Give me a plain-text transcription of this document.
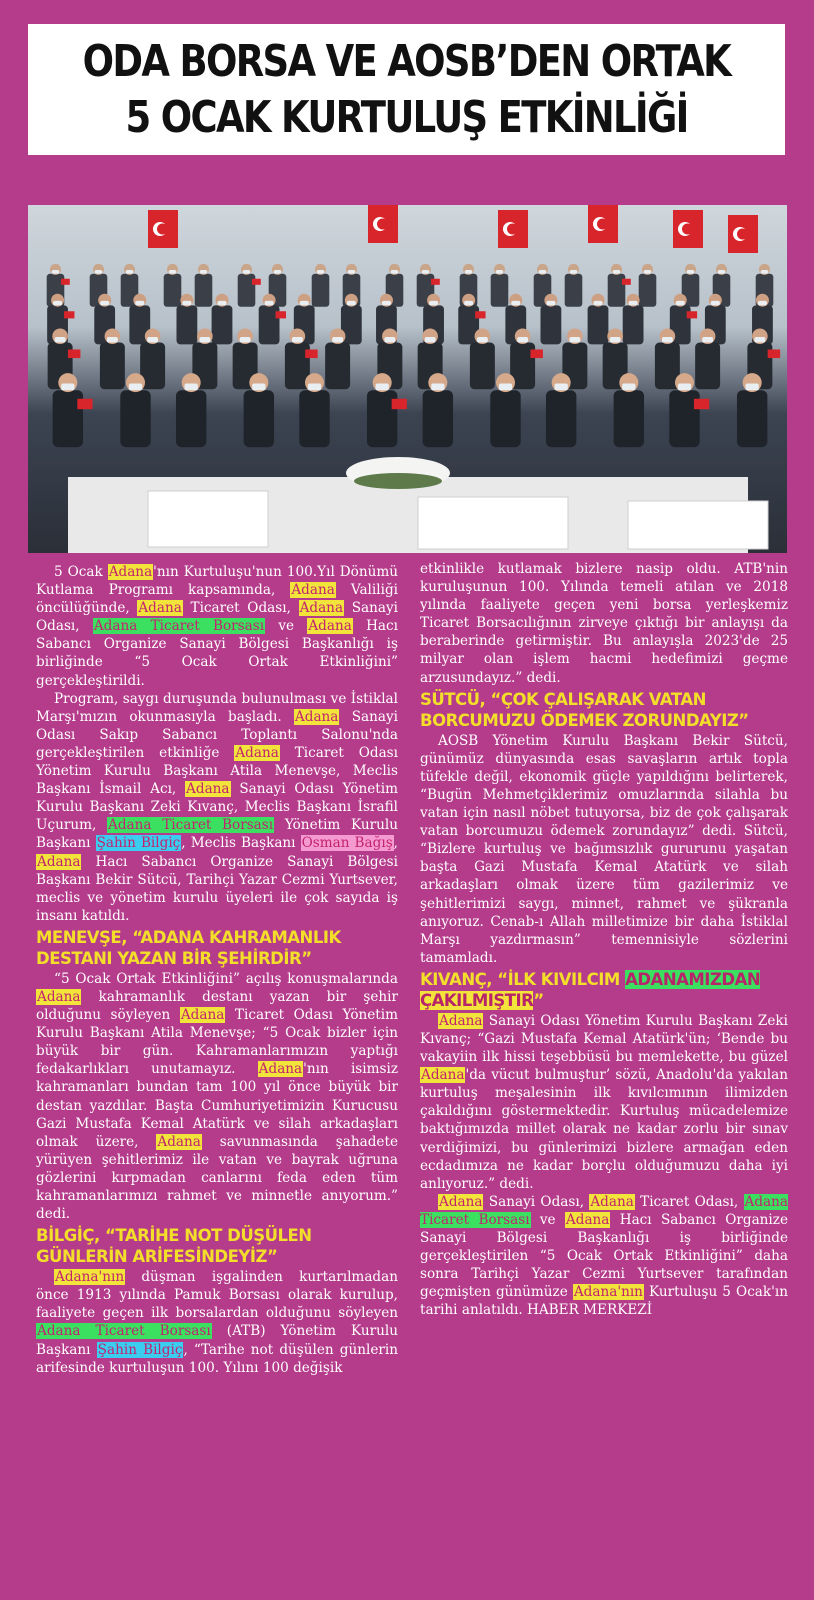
ODA BORSA VE AOSB’DEN ORTAK
5 OCAK KURTULUŞ ETKİNLİĞİ

5 Ocak Adana'nın Kurtuluşu'nun 100.Yıl Dönümü Kutlama Programı kapsamında, Adana Valiliği öncülüğünde, Adana Ticaret Odası, Adana Sanayi Odası, Adana Ticaret Borsası ve Adana Hacı Sabancı Organize Sanayi Bölgesi Başkanlığı iş birliğinde “5 Ocak Ortak Etkinliğini” gerçekleştirildi.

Program, saygı duruşunda bulunulması ve İstiklal Marşı'mızın okunmasıyla başladı. Adana Sanayi Odası Sakıp Sabancı Toplantı Salonu'nda gerçekleştirilen etkinliğe Adana Ticaret Odası Yönetim Kurulu Başkanı Atila Menevşe, Meclis Başkanı İsmail Acı, Adana Sanayi Odası Yönetim Kurulu Başkanı Zeki Kıvanç, Meclis Başkanı İsrafil Uçurum, Adana Ticaret Borsası Yönetim Kurulu Başkanı Şahin Bilgiç, Meclis Başkanı Osman Bağış, Adana Hacı Sabancı Organize Sanayi Bölgesi Başkanı Bekir Sütcü, Tarihçi Yazar Cezmi Yurtsever, meclis ve yönetim kurulu üyeleri ile çok sayıda iş insanı katıldı.

MENEVŞE, “ADANA KAHRAMANLIK DESTANI YAZAN BİR ŞEHİRDİR”

“5 Ocak Ortak Etkinliğini” açılış konuşmalarında Adana kahramanlık destanı yazan bir şehir olduğunu söyleyen Adana Ticaret Odası Yönetim Kurulu Başkanı Atila Menevşe; “5 Ocak bizler için büyük bir gün. Kahramanlarımızın yaptığı fedakarlıkları unutamayız. Adana'nın isimsiz kahramanları bundan tam 100 yıl önce büyük bir destan yazdılar. Başta Cumhuriyetimizin Kurucusu Gazi Mustafa Kemal Atatürk ve silah arkadaşları olmak üzere, Adana savunmasında şahadete yürüyen şehitlerimiz ile vatan ve bayrak uğruna gözlerini kırpmadan canlarını feda eden tüm kahramanlarımızı rahmet ve minnetle anıyorum.” dedi.

BİLGİÇ, “TARİHE NOT DÜŞÜLEN GÜNLERİN ARİFESİNDEYİZ”

Adana'nın düşman işgalinden kurtarılmadan önce 1913 yılında Pamuk Borsası olarak kurulup, faaliyete geçen ilk borsalardan olduğunu söyleyen Adana Ticaret Borsası (ATB) Yönetim Kurulu Başkanı Şahin Bilgiç, “Tarihe not düşülen günlerin arifesinde kurtuluşun 100. Yılını 100 değişik

etkinlikle kutlamak bizlere nasip oldu. ATB'nin kuruluşunun 100. Yılında temeli atılan ve 2018 yılında faaliyete geçen yeni borsa yerleşkemiz Ticaret Borsacılığının zirveye çıktığı bir anlayışı da beraberinde getirmiştir. Bu anlayışla 2023'de 25 milyar olan işlem hacmi hedefimizi geçme arzusundayız.” dedi.

SÜTCÜ, “ÇOK ÇALIŞARAK VATAN BORCUMUZU ÖDEMEK ZORUNDAYIZ”

AOSB Yönetim Kurulu Başkanı Bekir Sütcü, günümüz dünyasında esas savaşların artık topla tüfekle değil, ekonomik güçle yapıldığını belirterek, “Bugün Mehmetçiklerimiz omuzlarında silahla bu vatan için nasıl nöbet tutuyorsa, biz de çok çalışarak vatan borcumuzu ödemek zorundayız” dedi. Sütcü, “Bizlere kurtuluş ve bağımsızlık gururunu yaşatan başta Gazi Mustafa Kemal Atatürk ve silah arkadaşları olmak üzere tüm gazilerimiz ve şehitlerimizi saygı, minnet, rahmet ve şükranla anıyoruz. Cenab-ı Allah milletimize bir daha İstiklal Marşı yazdırmasın” temennisiyle sözlerini tamamladı.

KIVANÇ, “İLK KIVILCIM ADANAMIZDAN ÇAKILMIŞTIR”

Adana Sanayi Odası Yönetim Kurulu Başkanı Zeki Kıvanç; “Gazi Mustafa Kemal Atatürk'ün; ‘Bende bu vakayiin ilk hissi teşebbüsü bu memlekette, bu güzel Adana'da vücut bulmuştur’ sözü, Anadolu'da yakılan kurtuluş meşalesinin ilk kıvılcımının ilimizden çakıldığını göstermektedir. Kurtuluş mücadelemize baktığımızda millet olarak ne kadar zorlu bir sınav verdiğimizi, bu günlerimizi bizlere armağan eden ecdadımıza ne kadar borçlu olduğumuzu daha iyi anlıyoruz.” dedi.

Adana Sanayi Odası, Adana Ticaret Odası, Adana Ticaret Borsası ve Adana Hacı Sabancı Organize Sanayi Bölgesi Başkanlığı iş birliğinde gerçekleştirilen “5 Ocak Ortak Etkinliğini” daha sonra Tarihçi Yazar Cezmi Yurtsever tarafından geçmişten günümüze Adana'nın Kurtuluşu 5 Ocak'ın tarihi anlatıldı. HABER MERKEZİ
